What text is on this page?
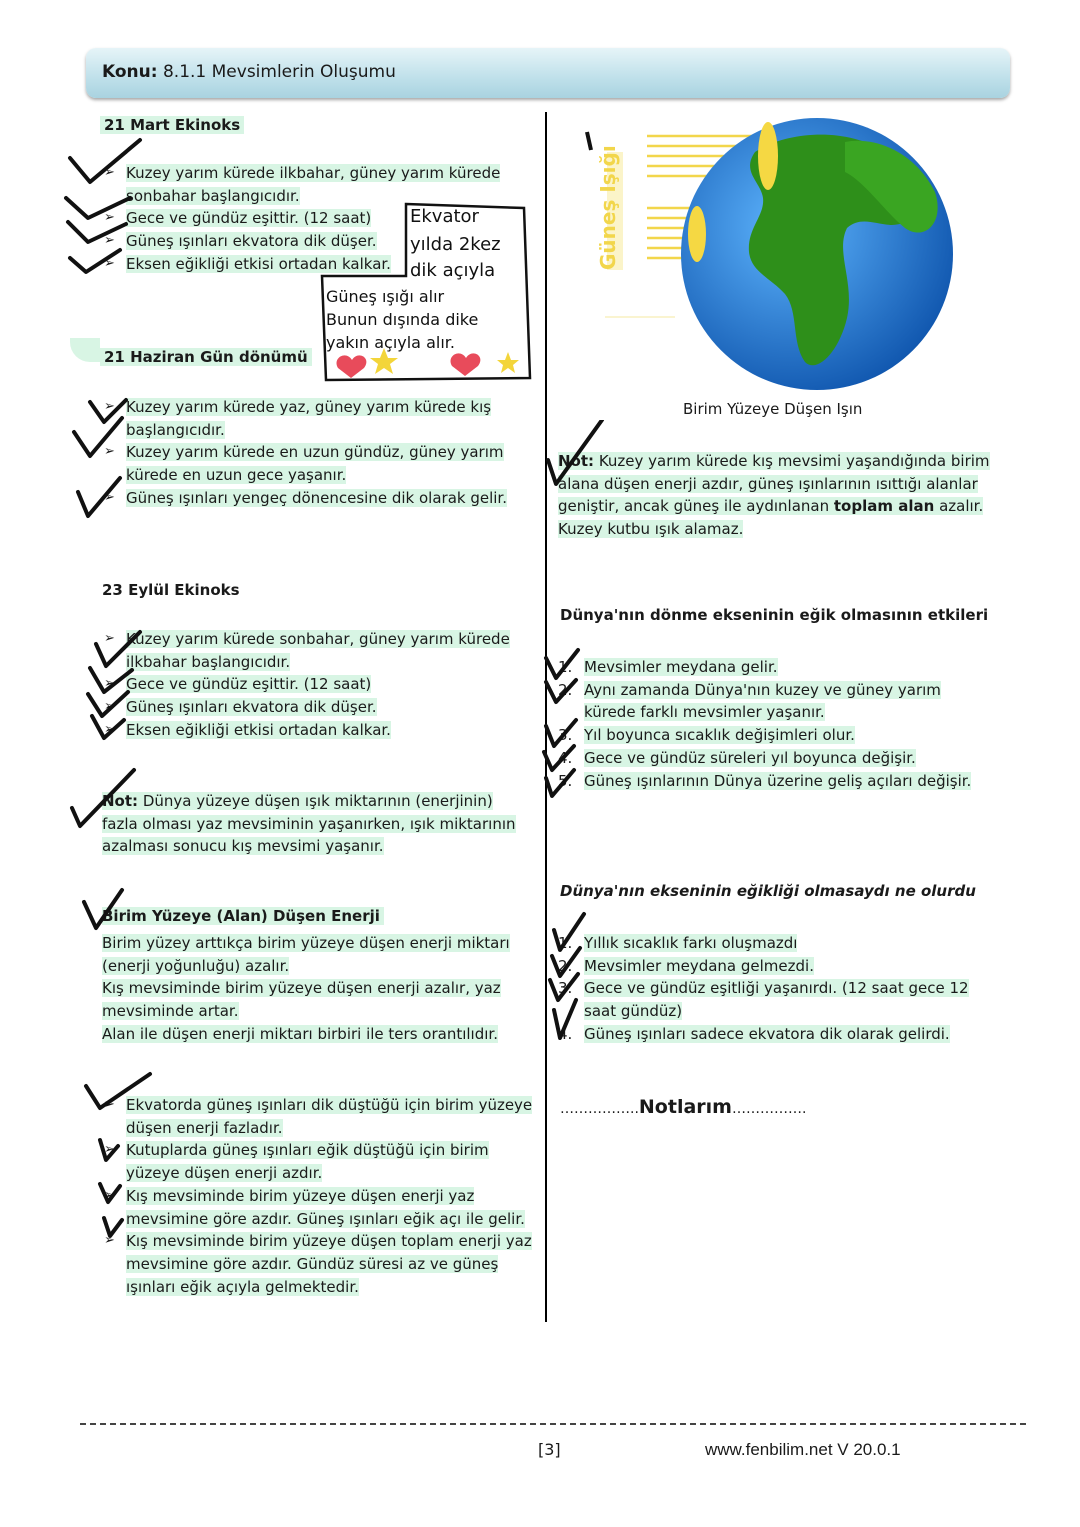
Konu: 8.1.1 Mevsimlerin Oluşumu
21 Mart Ekinoks
➢ Kuzey yarım kürede ilkbahar, güney yarım kürede sonbahar başlangıcıdır.
➢ Gece ve gündüz eşittir. (12 saat)
➢ Güneş ışınları ekvatora dik düşer.
➢ Eksen eğikliği etkisi ortadan kalkar.
Ekvator
yılda 2kez
dik açıyla
Güneş ışığı alır
Bunun dışında dike
yakın açıyla alır.
21 Haziran Gün dönümü
➢ Kuzey yarım kürede yaz, güney yarım kürede kış başlangıcıdır.
➢ Kuzey yarım kürede en uzun gündüz, güney yarım kürede en uzun gece yaşanır.
➢ Güneş ışınları yengeç dönencesine dik olarak gelir.
23 Eylül Ekinoks
➢ Kuzey yarım kürede sonbahar, güney yarım kürede ilkbahar başlangıcıdır.
➢ Gece ve gündüz eşittir. (12 saat)
➢ Güneş ışınları ekvatora dik düşer.
➢ Eksen eğikliği etkisi ortadan kalkar.
Not: Dünya yüzeye düşen ışık miktarının (enerjinin) fazla olması yaz mevsiminin yaşanırken, ışık miktarının azalması sonucu kış mevsimi yaşanır.
Birim Yüzeye (Alan) Düşen Enerji
Birim yüzey arttıkça birim yüzeye düşen enerji miktarı (enerji yoğunluğu) azalır.
Kış mevsiminde birim yüzeye düşen enerji azalır, yaz mevsiminde artar.
Alan ile düşen enerji miktarı birbiri ile ters orantılıdır.
➢ Ekvatorda güneş ışınları dik düştüğü için birim yüzeye düşen enerji fazladır.
➢ Kutuplarda güneş ışınları eğik düştüğü için birim yüzeye düşen enerji azdır.
➢ Kış mevsiminde birim yüzeye düşen enerji yaz mevsimine göre azdır. Güneş ışınları eğik açı ile gelir.
➢ Kış mevsiminde birim yüzeye düşen toplam enerji yaz mevsimine göre azdır. Gündüz süresi az ve güneş ışınları eğik açıyla gelmektedir.
Güneş Işığı
Birim Yüzeye Düşen Işın
Not: Kuzey yarım kürede kış mevsimi yaşandığında birim alana düşen enerji azdır, güneş ışınlarının ısıttığı alanlar geniştir, ancak güneş ile aydınlanan toplam alan azalır. Kuzey kutbu ışık alamaz.
Dünya'nın dönme ekseninin eğik olmasının etkileri
1. Mevsimler meydana gelir.
2. Aynı zamanda Dünya'nın kuzey ve güney yarım kürede farklı mevsimler yaşanır.
3. Yıl boyunca sıcaklık değişimleri olur.
4. Gece ve gündüz süreleri yıl boyunca değişir.
5. Güneş ışınlarının Dünya üzerine geliş açıları değişir.
Dünya'nın ekseninin eğikliği olmasaydı ne olurdu
1. Yıllık sıcaklık farkı oluşmazdı
2. Mevsimler meydana gelmezdi.
3. Gece ve gündüz eşitliği yaşanırdı. (12 saat gece 12 saat gündüz)
4. Güneş ışınları sadece ekvatora dik olarak gelirdi.
……………..Notlarım…………….
[3]	www.fenbilim.net V 20.0.1
